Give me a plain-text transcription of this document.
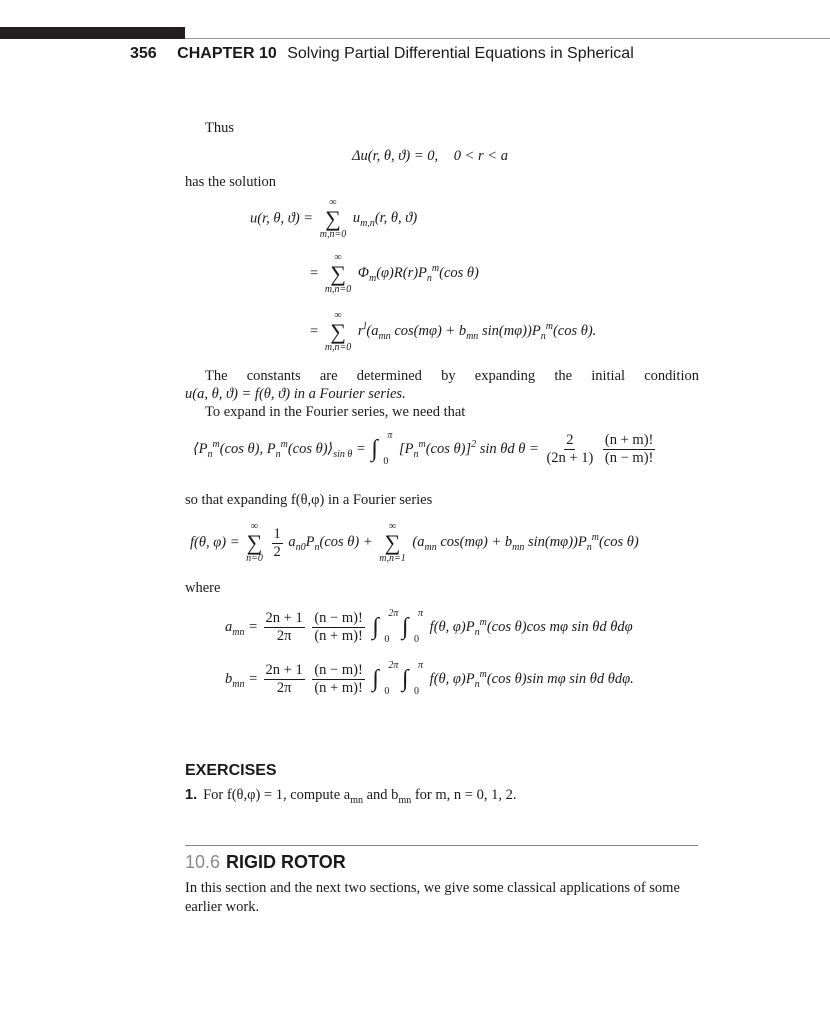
356 CHAPTER 10 Solving Partial Differential Equations in Spherical
Thus
Δu(r, θ, ϑ) = 0, 0 < r < a
has the solution
u(r, θ, ϑ) =
∞
∑
m,n=0
$u_{m,n}(r$, θ, ϑ)
=
∞
∑
m,n=0
$\Phi_m(\varphi)R(r)P_n^m(\cos$ θ)
=
∞
∑
m,n=0
$r^l(a_{mn}$ $\cos(m\varphi) + b_{mn}$ $\sin(m\varphi))P_n^m(\cos$ θ).
The constants are determined by expanding the initial condition
u(a, θ, ϑ) = f(θ, ϑ) in a Fourier series.
To expand in the Fourier series, we need that
$⟨P_n^m(\cos$ θ), $P_n^m(\cos$ $\theta)⟩_{sin \theta}$ = ∫
π
0
[$P_n^m(\cos$ θ)]$^2$ sin θd $\theta = \frac{2}{(2n + 1)}$
$\frac{(n + m)!}{(n - m)!}$
so that expanding f(θ,φ) in a Fourier series
f(θ, φ) =
∞
∑
n=0
$\frac{1}{2} a_{n0}P_n(\cos$ θ) +
∞
∑
m,n=1
($a_{mn}$ $\cos(m\varphi) + b_{mn}$ $\sin(m\varphi))P_n^m(\cos$ θ)
where
$a_{mn} = \frac{2n + 1}{2\pi}$
$\frac{(n - m)!}{(n + m)!}$ ∫
2π
0 ∫
π
0
f(θ, $\varphi)P_n^m(\cos$ θ)cos mφ sin θd θdφ
$b_{mn} = \frac{2n + 1}{2\pi}$
$\frac{(n - m)!}{(n + m)!}$ ∫
2π
0 ∫
π
0
f(θ, $\varphi)P_n^m(\cos$ θ)sin mφ sin θd θdφ.
EXERCISES
1. For f(θ,φ) = 1, compute $a_{mn}$ and $b_{mn}$ for m, n = 0, 1, 2.
10.6 RIGID ROTOR
In this section and the next two sections, we give some classical applications of some earlier work.
